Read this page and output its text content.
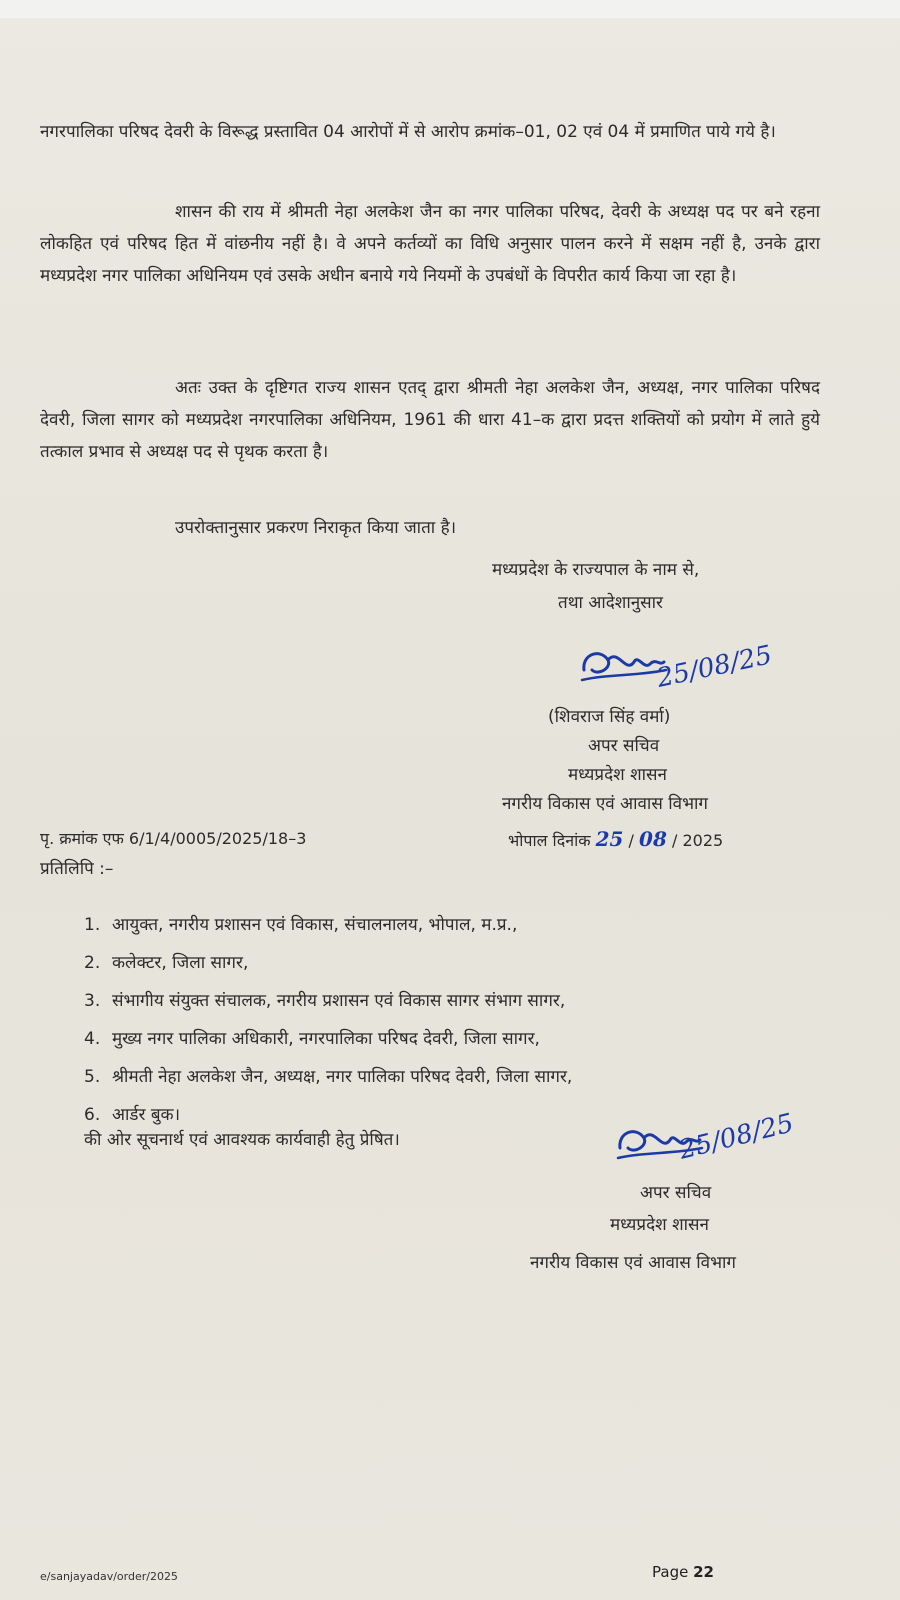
नगरपालिका परिषद देवरी के विरूद्ध प्रस्तावित 04 आरोपों में से आरोप क्रमांक–01, 02 एवं 04 में प्रमाणित पाये गये है।

शासन की राय में श्रीमती नेहा अलकेश जैन का नगर पालिका परिषद, देवरी के अध्यक्ष पद पर बने रहना लोकहित एवं परिषद हित में वांछनीय नहीं है। वे अपने कर्तव्यों का विधि अनुसार पालन करने में सक्षम नहीं है, उनके द्वारा मध्यप्रदेश नगर पालिका अधिनियम एवं उसके अधीन बनाये गये नियमों के उपबंधों के विपरीत कार्य किया जा रहा है।

अतः उक्त के दृष्टिगत राज्य शासन एतद् द्वारा श्रीमती नेहा अलकेश जैन, अध्यक्ष, नगर पालिका परिषद देवरी, जिला सागर को मध्यप्रदेश नगरपालिका अधिनियम, 1961 की धारा 41–क द्वारा प्रदत्त शक्तियों को प्रयोग में लाते हुये तत्काल प्रभाव से अध्यक्ष पद से पृथक करता है।

उपरोक्तानुसार प्रकरण निराकृत किया जाता है।

मध्यप्रदेश के राज्यपाल के नाम से,
तथा आदेशानुसार
25/08/25
(शिवराज सिंह वर्मा)
अपर सचिव
मध्यप्रदेश शासन
नगरीय विकास एवं आवास विभाग
पृ. क्रमांक एफ 6/1/4/0005/2025/18–3	भोपाल दिनांक 25 / 08 / 2025
प्रतिलिपि :–
1. आयुक्त, नगरीय प्रशासन एवं विकास, संचालनालय, भोपाल, म.प्र.,
2. कलेक्टर, जिला सागर,
3. संभागीय संयुक्त संचालक, नगरीय प्रशासन एवं विकास सागर संभाग सागर,
4. मुख्य नगर पालिका अधिकारी, नगरपालिका परिषद देवरी, जिला सागर,
5. श्रीमती नेहा अलकेश जैन, अध्यक्ष, नगर पालिका परिषद देवरी, जिला सागर,
6. आर्डर बुक।
की ओर सूचनार्थ एवं आवश्यक कार्यवाही हेतु प्रेषित।	25/08/25
अपर सचिव
मध्यप्रदेश शासन
नगरीय विकास एवं आवास विभाग
e/sanjayadav/order/2025	Page 22
